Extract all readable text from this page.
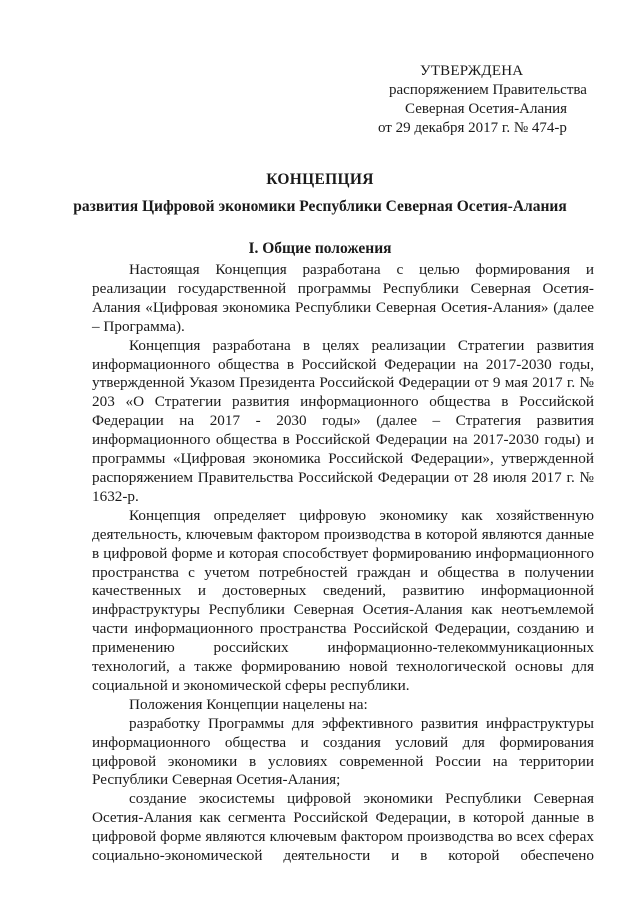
УТВЕРЖДЕНА
распоряжением Правительства
Северная Осетия-Алания
от 29 декабря 2017 г. № 474-р
КОНЦЕПЦИЯ
развития Цифровой экономики Республики Северная Осетия-Алания
I. Общие положения

Настоящая Концепция разработана с целью формирования и реализации государственной программы Республики Северная Осетия-Алания «Цифровая экономика Республики Северная Осетия-Алания» (далее – Программа).

Концепция разработана в целях реализации Стратегии развития информационного общества в Российской Федерации на 2017-2030 годы, утвержденной Указом Президента Российской Федерации от 9 мая 2017 г. № 203 «О Стратегии развития информационного общества в Российской Федерации на 2017 - 2030 годы» (далее – Стратегия развития информационного общества в Российской Федерации на 2017-2030 годы) и программы «Цифровая экономика Российской Федерации», утвержденной распоряжением Правительства Российской Федерации от 28 июля 2017 г. № 1632-р.

Концепция определяет цифровую экономику как хозяйственную деятельность, ключевым фактором производства в которой являются данные в цифровой форме и которая способствует формированию информационного пространства с учетом потребностей граждан и общества в получении качественных и достоверных сведений, развитию информационной инфраструктуры Республики Северная Осетия-Алания как неотъемлемой части информационного пространства Российской Федерации, созданию и применению российских информационно-телекоммуникационных технологий, а также формированию новой технологической основы для социальной и экономической сферы республики.

Положения Концепции нацелены на:

разработку Программы для эффективного развития инфраструктуры информационного общества и создания условий для формирования цифровой экономики в условиях современной России на территории Республики Северная Осетия-Алания;

создание экосистемы цифровой экономики Республики Северная Осетия-Алания как сегмента Российской Федерации, в которой данные в цифровой форме являются ключевым фактором производства во всех сферах социально-экономической деятельности и в которой обеспечено
